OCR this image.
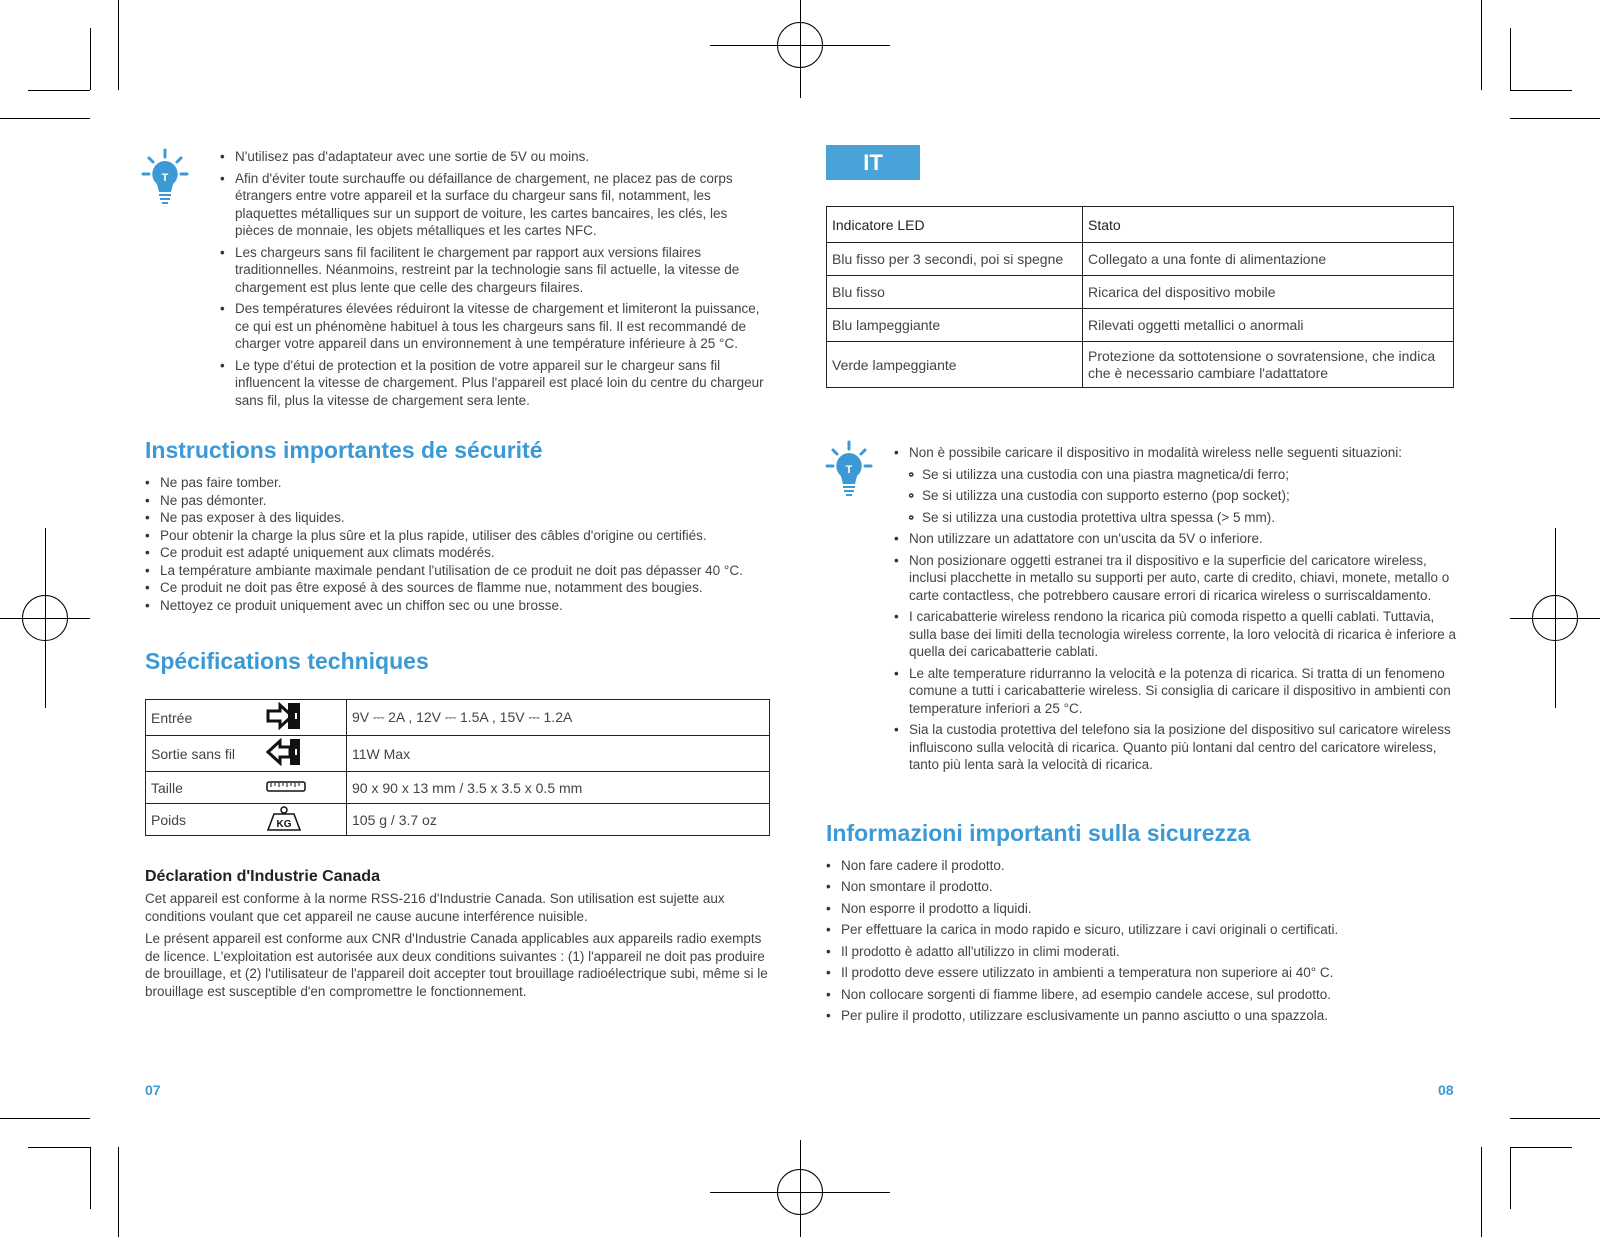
T
• N'utilisez pas d'adaptateur avec une sortie de 5V ou moins.
• Afin d'éviter toute surchauffe ou défaillance de chargement, ne placez pas de corps étrangers entre votre appareil et la surface du chargeur sans fil, notamment, les plaquettes métalliques sur un support de voiture, les cartes bancaires, les clés, les pièces de monnaie, les objets métalliques et les cartes NFC.
• Les chargeurs sans fil facilitent le chargement par rapport aux versions filaires traditionnelles. Néanmoins, restreint par la technologie sans fil actuelle, la vitesse de chargement est plus lente que celle des chargeurs filaires.
• Des températures élevées réduiront la vitesse de chargement et limiteront la puissance, ce qui est un phénomène habituel à tous les chargeurs sans fil. Il est recommandé de charger votre appareil dans un environnement à une température inférieure à 25 °C.
• Le type d'étui de protection et la position de votre appareil sur le chargeur sans fil influencent la vitesse de chargement. Plus l'appareil est placé loin du centre du chargeur sans fil, plus la vitesse de chargement sera lente.
Instructions importantes de sécurité
• Ne pas faire tomber.
• Ne pas démonter.
• Ne pas exposer à des liquides.
• Pour obtenir la charge la plus sûre et la plus rapide, utiliser des câbles d'origine ou certifiés.
• Ce produit est adapté uniquement aux climats modérés.
• La température ambiante maximale pendant l'utilisation de ce produit ne doit pas dépasser 40 °C.
• Ce produit ne doit pas être exposé à des sources de flamme nue, notamment des bougies.
• Nettoyez ce produit uniquement avec un chiffon sec ou une brosse.
Spécifications techniques
Entrée		9V ⎓ 2A , 12V ⎓ 1.5A , 15V ⎓ 1.2A
Sortie sans fil		11W Max
Taille		90 x 90 x 13 mm / 3.5 x 3.5 x 0.5 mm
Poids	KG	105 g / 3.7 oz
Déclaration d'Industrie Canada

Cet appareil est conforme à la norme RSS-216 d'Industrie Canada. Son utilisation est sujette aux conditions voulant que cet appareil ne cause aucune interférence nuisible.

Le présent appareil est conforme aux CNR d'Industrie Canada applicables aux appareils radio exempts de licence. L'exploitation est autorisée aux deux conditions suivantes : (1) l'appareil ne doit pas produire de brouillage, et (2) l'utilisateur de l'appareil doit accepter tout brouillage radioélectrique subi, même si le brouillage est susceptible d'en compromettre le fonctionnement.

07
IT
Indicatore LED	Stato
Blu fisso per 3 secondi, poi si spegne	Collegato a una fonte di alimentazione
Blu fisso	Ricarica del dispositivo mobile
Blu lampeggiante	Rilevati oggetti metallici o anormali
Verde lampeggiante	Protezione da sottotensione o sovratensione, che indica che è necessario cambiare l'adattatore
T
• Non è possibile caricare il dispositivo in modalità wireless nelle seguenti situazioni:
∘ Se si utilizza una custodia con una piastra magnetica/di ferro;
∘ Se si utilizza una custodia con supporto esterno (pop socket);
∘ Se si utilizza una custodia protettiva ultra spessa (> 5 mm).
• Non utilizzare un adattatore con un'uscita da 5V o inferiore.
• Non posizionare oggetti estranei tra il dispositivo e la superficie del caricatore wireless, inclusi placchette in metallo su supporti per auto, carte di credito, chiavi, monete, metallo o carte contactless, che potrebbero causare errori di ricarica wireless o surriscaldamento.
• I caricabatterie wireless rendono la ricarica più comoda rispetto a quelli cablati. Tuttavia, sulla base dei limiti della tecnologia wireless corrente, la loro velocità di ricarica è inferiore a quella dei caricabatterie cablati.
• Le alte temperature ridurranno la velocità e la potenza di ricarica. Si tratta di un fenomeno comune a tutti i caricabatterie wireless. Si consiglia di caricare il dispositivo in ambienti con temperature inferiori a 25 °C.
• Sia la custodia protettiva del telefono sia la posizione del dispositivo sul caricatore wireless influiscono sulla velocità di ricarica. Quanto più lontani dal centro del caricatore wireless, tanto più lenta sarà la velocità di ricarica.
Informazioni importanti sulla sicurezza
• Non fare cadere il prodotto.
• Non smontare il prodotto.
• Non esporre il prodotto a liquidi.
• Per effettuare la carica in modo rapido e sicuro, utilizzare i cavi originali o certificati.
• Il prodotto è adatto all'utilizzo in climi moderati.
• Il prodotto deve essere utilizzato in ambienti a temperatura non superiore ai 40° C.
• Non collocare sorgenti di fiamme libere, ad esempio candele accese, sul prodotto.
• Per pulire il prodotto, utilizzare esclusivamente un panno asciutto o una spazzola.
08
